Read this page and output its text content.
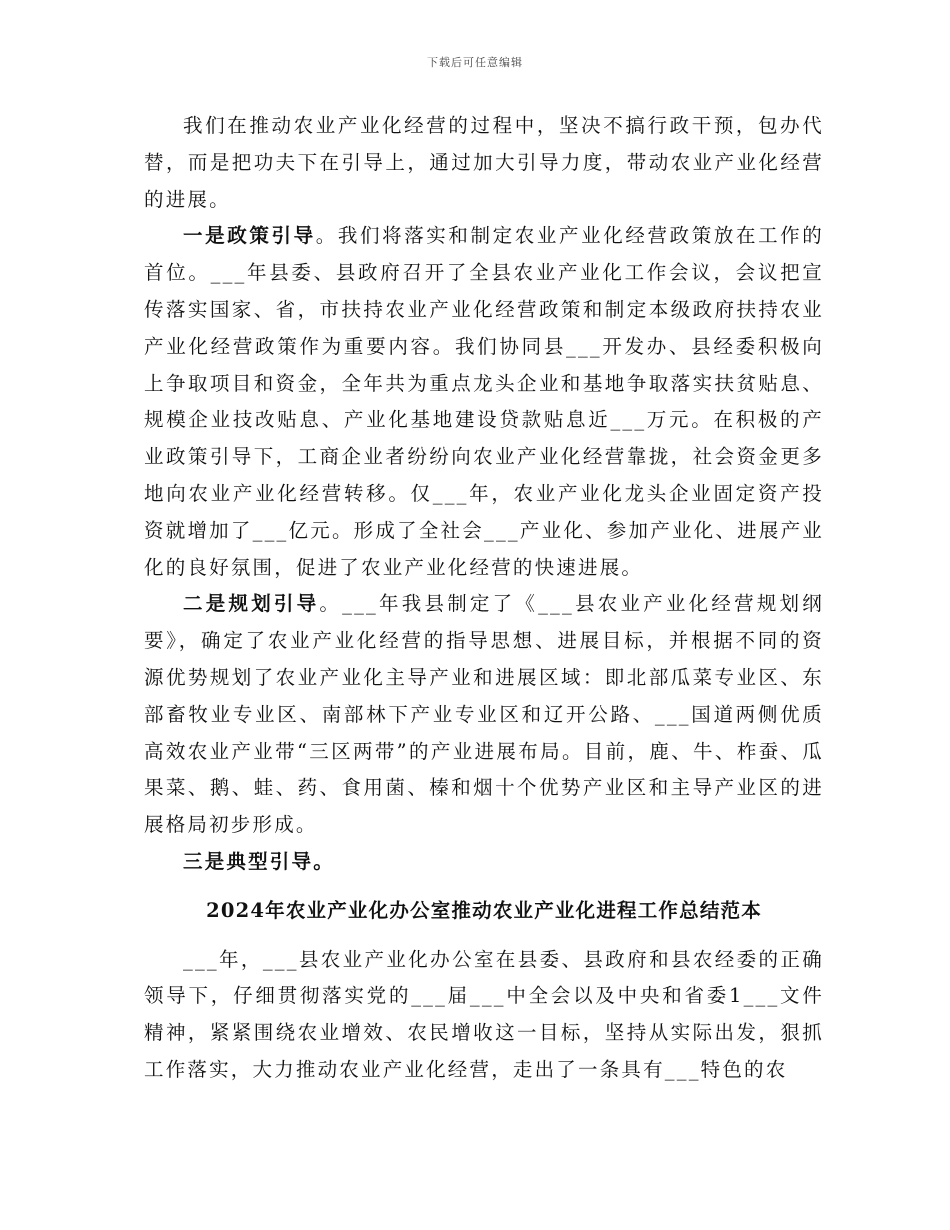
下载后可任意编辑

我们在推动农业产业化经营的过程中，坚决不搞行政干预，包办代替，而是把功夫下在引导上，通过加大引导力度，带动农业产业化经营的进展。

一是政策引导。我们将落实和制定农业产业化经营政策放在工作的首位。___年县委、县政府召开了全县农业产业化工作会议，会议把宣传落实国家、省，市扶持农业产业化经营政策和制定本级政府扶持农业产业化经营政策作为重要内容。我们协同县___开发办、县经委积极向上争取项目和资金，全年共为重点龙头企业和基地争取落实扶贫贴息、规模企业技改贴息、产业化基地建设贷款贴息近___万元。在积极的产业政策引导下，工商企业者纷纷向农业产业化经营靠拢，社会资金更多地向农业产业化经营转移。仅___年，农业产业化龙头企业固定资产投资就增加了___亿元。形成了全社会___产业化、参加产业化、进展产业化的良好氛围，促进了农业产业化经营的快速进展。

二是规划引导。___年我县制定了《___县农业产业化经营规划纲要》，确定了农业产业化经营的指导思想、进展目标，并根据不同的资源优势规划了农业产业化主导产业和进展区域：即北部瓜菜专业区、东部畜牧业专业区、南部林下产业专业区和辽开公路、___国道两侧优质高效农业产业带“三区两带”的产业进展布局。目前，鹿、牛、柞蚕、瓜果菜、鹅、蛙、药、食用菌、榛和烟十个优势产业区和主导产业区的进展格局初步形成。

三是典型引导。

2024年农业产业化办公室推动农业产业化进程工作总结范本

___年，___县农业产业化办公室在县委、县政府和县农经委的正确领导下，仔细贯彻落实党的___届___中全会以及中央和省委1___文件精神，紧紧围绕农业增效、农民增收这一目标，坚持从实际出发，狠抓工作落实，大力推动农业产业化经营，走出了一条具有___特色的农
